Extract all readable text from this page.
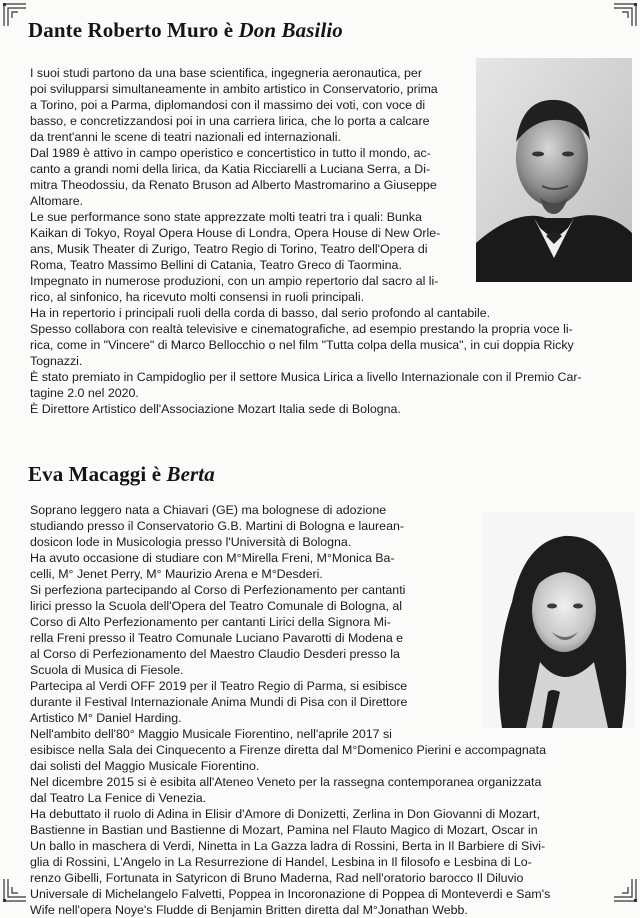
Dante Roberto Muro è Don Basilio
I suoi studi partono da una base scientifica, ingegneria aeronautica, per
poi svilupparsi simultaneamente in ambito artistico in Conservatorio, prima
a Torino, poi a Parma, diplomandosi con il massimo dei voti, con voce di
basso, e concretizzandosi poi in una carriera lirica, che lo porta a calcare
da trent'anni le scene di teatri nazionali ed internazionali.
Dal 1989 è attivo in campo operistico e concertistico in tutto il mondo, ac-
canto a grandi nomi della lirica, da Katia Ricciarelli a Luciana Serra, a Di-
mitra Theodossiu, da Renato Bruson ad Alberto Mastromarino a Giuseppe
Altomare.
Le sue performance sono state apprezzate molti teatri tra i quali: Bunka
Kaikan di Tokyo, Royal Opera House di Londra, Opera House di New Orle-
ans, Musik Theater di Zurigo, Teatro Regio di Torino, Teatro dell'Opera di
Roma, Teatro Massimo Bellini di Catania, Teatro Greco di Taormina.
Impegnato in numerose produzioni, con un ampio repertorio dal sacro al li-
rico, al sinfonico, ha ricevuto molti consensi in ruoli principali.
Ha in repertorio i principali ruoli della corda di basso, dal serio profondo al cantabile.
Spesso collabora con realtà televisive e cinematografiche, ad esempio prestando la propria voce li-
rica, come in "Vincere" di Marco Bellocchio o nel film "Tutta colpa della musica", in cui doppia Ricky
Tognazzi.
È stato premiato in Campidoglio per il settore Musica Lirica a livello Internazionale con il Premio Car-
tagine 2.0 nel 2020.
È Direttore Artistico dell'Associazione Mozart Italia sede di Bologna.
Eva Macaggi è Berta
Soprano leggero nata a Chiavari (GE) ma bolognese di adozione
studiando presso il Conservatorio G.B. Martini di Bologna e laurean-
dosicon lode in Musicologia presso l'Università di Bologna.
Ha avuto occasione di studiare con M°Mirella Freni, M°Monica Ba-
celli, M° Jenet Perry, M° Maurizio Arena e M°Desderi.
Si perfeziona partecipando al Corso di Perfezionamento per cantanti
lirici presso la Scuola dell'Opera del Teatro Comunale di Bologna, al
Corso di Alto Perfezionamento per cantanti Lirici della Signora Mi-
rella Freni presso il Teatro Comunale Luciano Pavarotti di Modena e
al Corso di Perfezionamento del Maestro Claudio Desderi presso la
Scuola di Musica di Fiesole.
Partecipa al Verdi OFF 2019 per il Teatro Regio di Parma, si esibisce
durante il Festival Internazionale Anima Mundi di Pisa con il Direttore
Artistico M° Daniel Harding.
Nell'ambito dell'80° Maggio Musicale Fiorentino, nell'aprile 2017 si
esibisce nella Sala dei Cinquecento a Firenze diretta dal M°Domenico Pierini e accompagnata
dai solisti del Maggio Musicale Fiorentino.
Nel dicembre 2015 si è esibita all'Ateneo Veneto per la rassegna contemporanea organizzata
dal Teatro La Fenice di Venezia.
Ha debuttato il ruolo di Adina in Elisir d'Amore di Donizetti, Zerlina in Don Giovanni di Mozart,
Bastienne in Bastian und Bastienne di Mozart, Pamina nel Flauto Magico di Mozart, Oscar in
Un ballo in maschera di Verdi, Ninetta in La Gazza ladra di Rossini, Berta in Il Barbiere di Sivi-
glia di Rossini, L'Angelo in La Resurrezione di Handel, Lesbina in Il filosofo e Lesbina di Lo-
renzo Gibelli, Fortunata in Satyricon di Bruno Maderna, Rad nell'oratorio barocco Il Diluvio
Universale di Michelangelo Falvetti, Poppea in Incoronazione di Poppea di Monteverdi e Sam's
Wife nell'opera Noye's Fludde di Benjamin Britten diretta dal M°Jonathan Webb.
